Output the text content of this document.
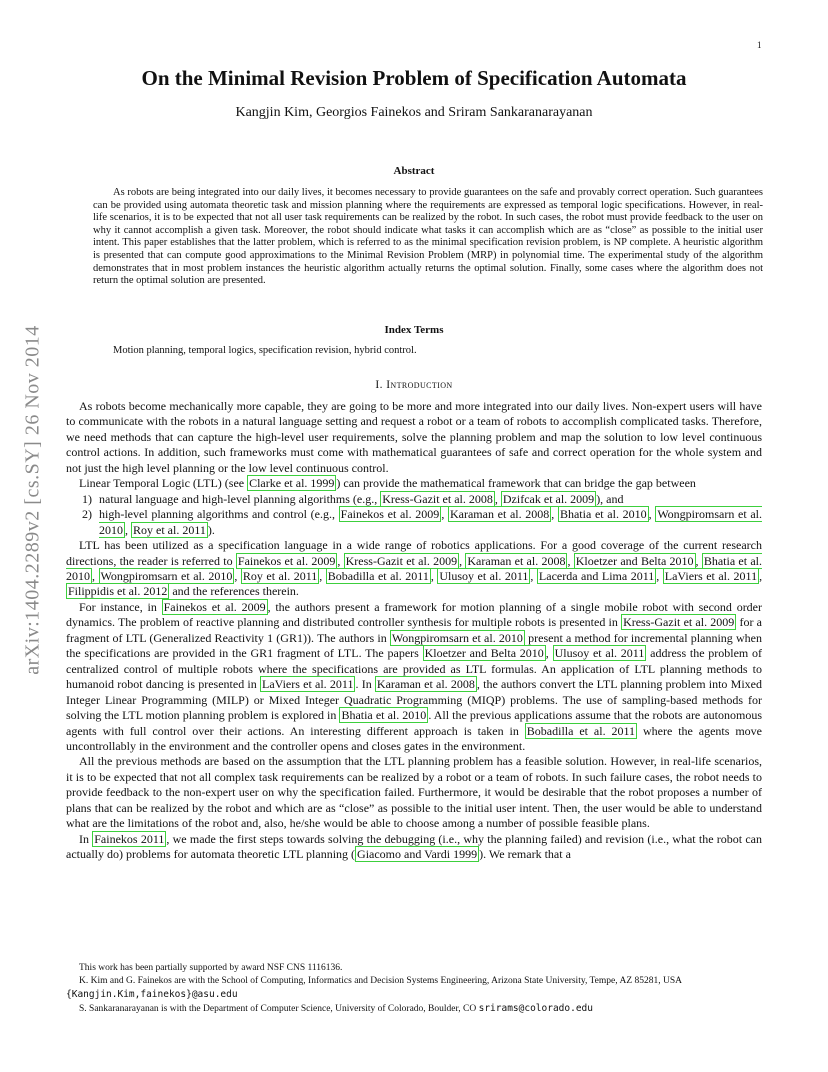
1
arXiv:1404.2289v2 [cs.SY] 26 Nov 2014
On the Minimal Revision Problem of Specification Automata
Kangjin Kim, Georgios Fainekos and Sriram Sankaranarayanan
Abstract

As robots are being integrated into our daily lives, it becomes necessary to provide guarantees on the safe and provably correct operation. Such guarantees can be provided using automata theoretic task and mission planning where the requirements are expressed as temporal logic specifications. However, in real-life scenarios, it is to be expected that not all user task requirements can be realized by the robot. In such cases, the robot must provide feedback to the user on why it cannot accomplish a given task. Moreover, the robot should indicate what tasks it can accomplish which are as “close” as possible to the initial user intent. This paper establishes that the latter problem, which is referred to as the minimal specification revision problem, is NP complete. A heuristic algorithm is presented that can compute good approximations to the Minimal Revision Problem (MRP) in polynomial time. The experimental study of the algorithm demonstrates that in most problem instances the heuristic algorithm actually returns the optimal solution. Finally, some cases where the algorithm does not return the optimal solution are presented.

Index Terms
Motion planning, temporal logics, specification revision, hybrid control.
I. Introduction

As robots become mechanically more capable, they are going to be more and more integrated into our daily lives. Non-expert users will have to communicate with the robots in a natural language setting and request a robot or a team of robots to accomplish complicated tasks. Therefore, we need methods that can capture the high-level user requirements, solve the planning problem and map the solution to low level continuous control actions. In addition, such frameworks must come with mathematical guarantees of safe and correct operation for the whole system and not just the high level planning or the low level continuous control.

Linear Temporal Logic (LTL) (see Clarke et al. 1999 ) can provide the mathematical framework that can bridge the gap between

1) natural language and high-level planning algorithms (e.g., Kress-Gazit et al. 2008 , Dzifcak et al. 2009 ), and
2) high-level planning algorithms and control (e.g., Fainekos et al. 2009 , Karaman et al. 2008 , Bhatia et al. 2010 , Wongpiromsarn et al. 2010 , Roy et al. 2011 ).

LTL has been utilized as a specification language in a wide range of robotics applications. For a good coverage of the current research directions, the reader is referred to Fainekos et al. 2009 , Kress-Gazit et al. 2009 , Karaman et al. 2008 , Kloetzer and Belta 2010 , Bhatia et al. 2010 , Wongpiromsarn et al. 2010 , Roy et al. 2011 , Bobadilla et al. 2011 , Ulusoy et al. 2011 , Lacerda and Lima 2011 , LaViers et al. 2011 , Filippidis et al. 2012 and the references therein.

For instance, in Fainekos et al. 2009 , the authors present a framework for motion planning of a single mobile robot with second order dynamics. The problem of reactive planning and distributed controller synthesis for multiple robots is presented in Kress-Gazit et al. 2009 for a fragment of LTL (Generalized Reactivity 1 (GR1)). The authors in Wongpiromsarn et al. 2010 present a method for incremental planning when the specifications are provided in the GR1 fragment of LTL. The papers Kloetzer and Belta 2010 , Ulusoy et al. 2011 address the problem of centralized control of multiple robots where the specifications are provided as LTL formulas. An application of LTL planning methods to humanoid robot dancing is presented in LaViers et al. 2011 . In Karaman et al. 2008 , the authors convert the LTL planning problem into Mixed Integer Linear Programming (MILP) or Mixed Integer Quadratic Programming (MIQP) problems. The use of sampling-based methods for solving the LTL motion planning problem is explored in Bhatia et al. 2010 . All the previous applications assume that the robots are autonomous agents with full control over their actions. An interesting different approach is taken in Bobadilla et al. 2011 where the agents move uncontrollably in the environment and the controller opens and closes gates in the environment.

All the previous methods are based on the assumption that the LTL planning problem has a feasible solution. However, in real-life scenarios, it is to be expected that not all complex task requirements can be realized by a robot or a team of robots. In such failure cases, the robot needs to provide feedback to the non-expert user on why the specification failed. Furthermore, it would be desirable that the robot proposes a number of plans that can be realized by the robot and which are as “close” as possible to the initial user intent. Then, the user would be able to understand what are the limitations of the robot and, also, he/she would be able to choose among a number of possible feasible plans.

In Fainekos 2011 , we made the first steps towards solving the debugging (i.e., why the planning failed) and revision (i.e., what the robot can actually do) problems for automata theoretic LTL planning ( Giacomo and Vardi 1999 ). We remark that a

This work has been partially supported by award NSF CNS 1116136.

K. Kim and G. Fainekos are with the School of Computing, Informatics and Decision Systems Engineering, Arizona State University, Tempe, AZ 85281, USA {Kangjin.Kim,fainekos}@asu.edu

S. Sankaranarayanan is with the Department of Computer Science, University of Colorado, Boulder, CO srirams@colorado.edu
